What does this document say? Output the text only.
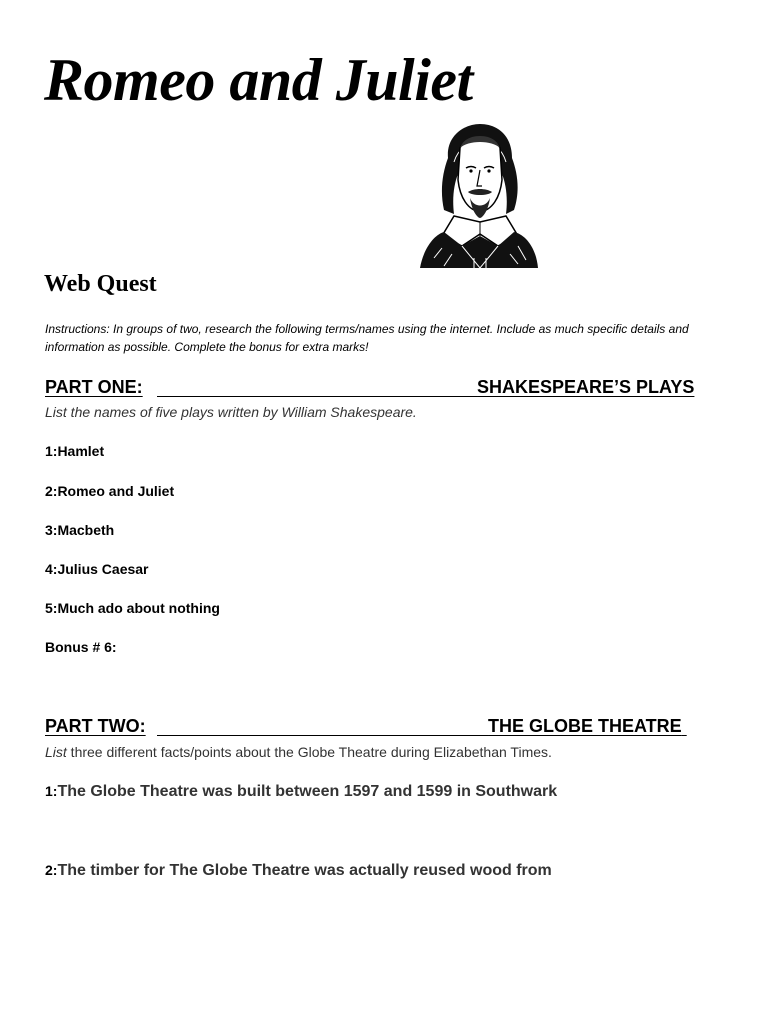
Romeo and Juliet
Web Quest
Instructions: In groups of two, research the following terms/names using the internet. Include as much specific details and information as possible. Complete the bonus for extra marks!
PART ONE:	SHAKESPEARE’S PLAYS
List the names of five plays written by William Shakespeare.
1:Hamlet
2:Romeo and Juliet
3:Macbeth
4:Julius Caesar
5:Much ado about nothing
Bonus # 6:
PART TWO:	THE GLOBE THEATRE
List three different facts/points about the Globe Theatre during Elizabethan Times.
1:The Globe Theatre was built between 1597 and 1599 in Southwark
2:The timber for The Globe Theatre was actually reused wood from
